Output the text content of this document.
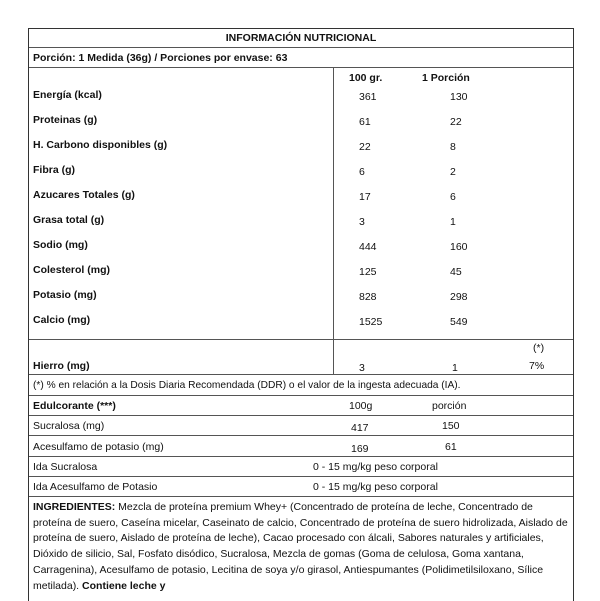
INFORMACIÓN NUTRICIONAL
Porción: 1 Medida (36g) / Porciones por envase: 63
100 gr.	1 Porción
Energía (kcal)	361	130
Proteinas (g)	61	22
H. Carbono disponibles (g)	22	8
Fibra (g)	6	2
Azucares Totales (g)	17	6
Grasa total (g)	3	1
Sodio (mg)	444	160
Colesterol (mg)	125	45
Potasio (mg)	828	298
Calcio (mg)	1525	549
(*)
Hierro (mg)	3	1	7%
(*) % en relación a la Dosis Diaria Recomendada (DDR) o el valor de la ingesta adecuada (IA).
Edulcorante (***)	100g	porción
Sucralosa (mg)	417	150
Acesulfamo de potasio (mg)	169	61
Ida Sucralosa	0 - 15 mg/kg peso corporal
Ida Acesulfamo de Potasio	0 - 15 mg/kg peso corporal
INGREDIENTES: Mezcla de proteína premium Whey+ (Concentrado de proteína de leche, Concentrado de proteína de suero, Caseína micelar, Caseinato de calcio, Concentrado de proteína de suero hidrolizada, Aislado de proteína de suero, Aislado de proteína de leche), Cacao procesado con álcali, Sabores naturales y artificiales, Dióxido de silicio, Sal, Fosfato disódico, Sucralosa, Mezcla de gomas (Goma de celulosa, Goma xantana, Carragenina), Acesulfamo de potasio, Lecitina de soya y/o girasol, Antiespumantes (Polidimetilsiloxano, Sílice metilada). Contiene leche y
